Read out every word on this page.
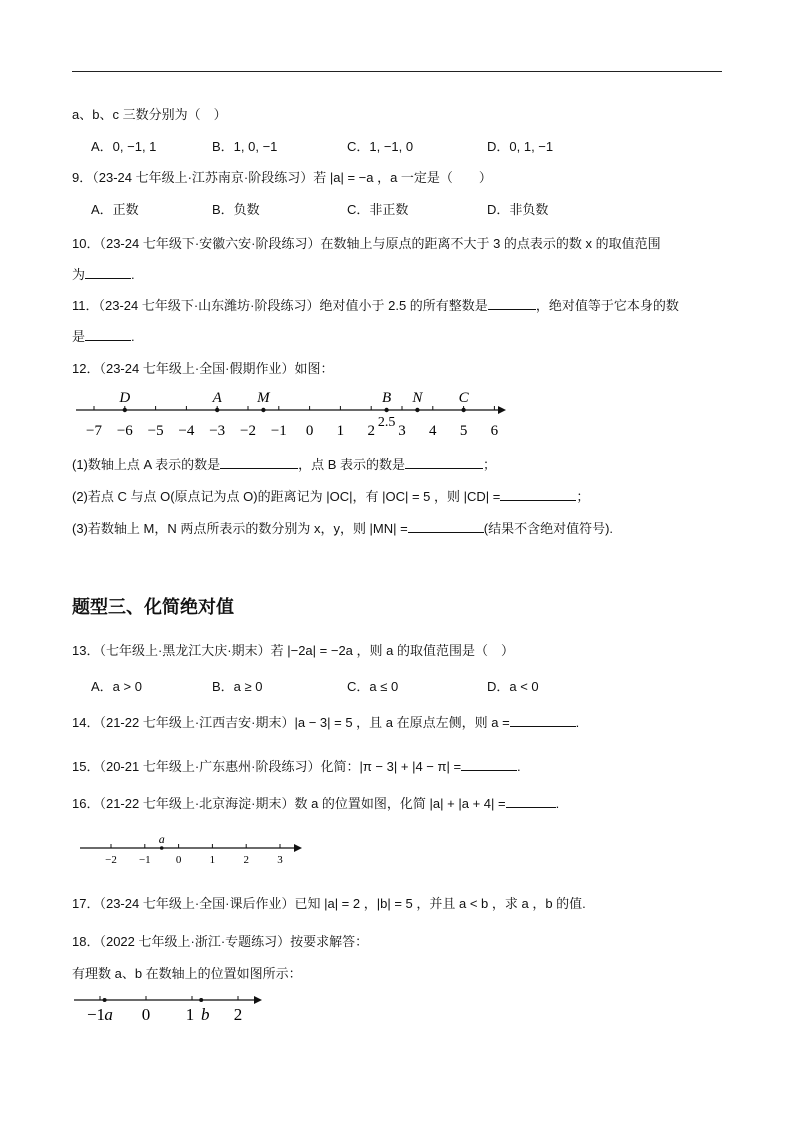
a、b、c 三数分别为（　）
A．0, −1, 1	B．1, 0, −1	C．1, −1, 0	D．0, 1, −1
9．（23-24 七年级上·江苏南京·阶段练习）若 |a| = −a ，a 一定是（　　）
A．正数	B．负数	C．非正数	D．非负数
10．（23-24 七年级下·安徽六安·阶段练习）在数轴上与原点的距离不大于 3 的点表示的数 x 的取值范围
为	.
11．（23-24 七年级下·山东潍坊·阶段练习）绝对值小于 2.5 的所有整数是	，绝对值等于它本身的数
是	.
12．（23-24 七年级上·全国·假期作业）如图：
−7 −6 −5 −4 −3 −2 −1 0 1 2 3 4 5 6
D	A M	B N C
2.5
(1)数轴上点 A 表示的数是	，点 B 表示的数是	；
(2)若点 C 与点 O(原点记为点 O)的距离记为 |OC|，有 |OC| = 5 ，则 |CD| =	；
(3)若数轴上 M，N 两点所表示的数分别为 x，y，则 |MN| =	(结果不含绝对值符号).
题型三、化简绝对值
13．（七年级上·黑龙江大庆·期末）若 |−2a| = −2a ，则 a 的取值范围是（　）
A．a > 0	B．a ≥ 0	C．a ≤ 0	D．a < 0
14．（21-22 七年级上·江西吉安·期末）|a − 3| = 5 ，且 a 在原点左侧，则 a =	.
15．（20-21 七年级上·广东惠州·阶段练习）化简：|π − 3| + |4 − π| =	.
16．（21-22 七年级上·北京海淀·期末）数 a 的位置如图，化简 |a| + |a + 4| =	.
−2 −1 0	1	2	3
a
17．（23-24 七年级上·全国·课后作业）已知 |a| = 2 ，|b| = 5 ，并且 a < b ，求 a ，b 的值.
18．（2022 七年级上·浙江·专题练习）按要求解答：
有理数 a、b 在数轴上的位置如图所示：
−1 a 0 1 b 2
